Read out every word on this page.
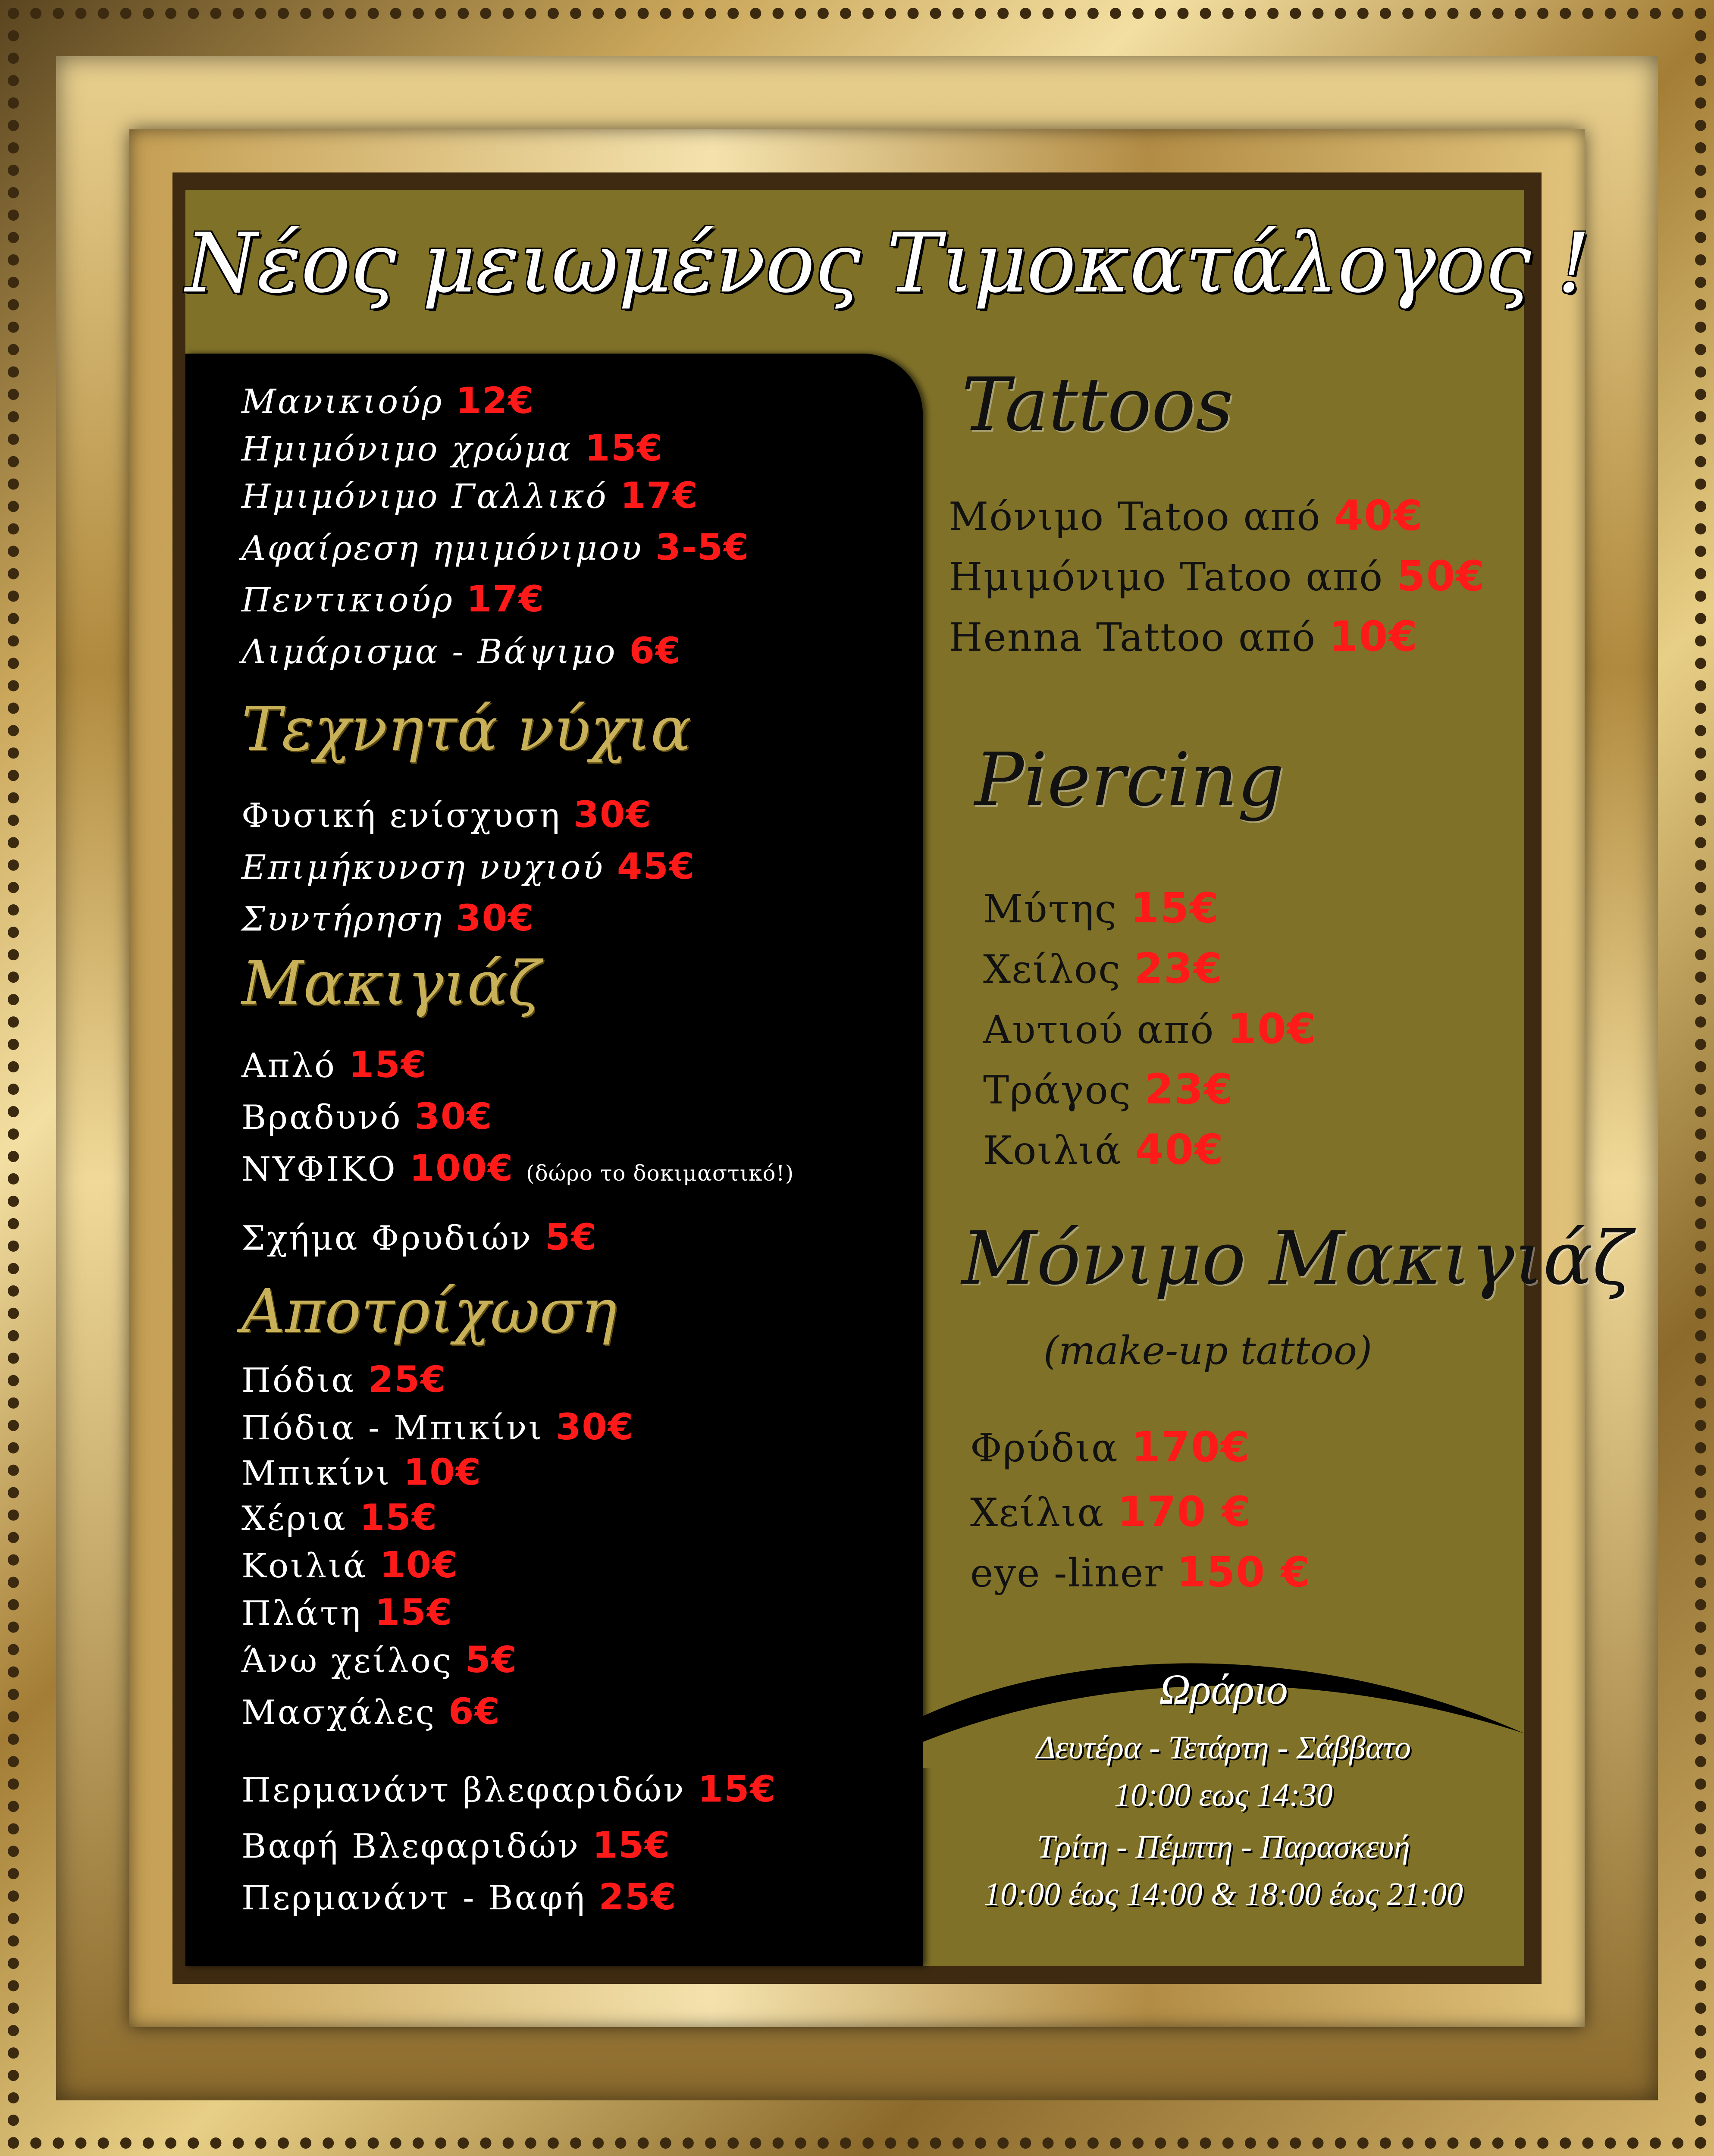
Νέος μειωμένος Τιμοκατάλογος !
Μανικιούρ 12€
Ημιμόνιμο χρώμα 15€
Ημιμόνιμο Γαλλικό 17€
Αφαίρεση ημιμόνιμου 3-5€
Πεντικιούρ 17€
Λιμάρισμα - Βάψιμο 6€
Τεχνητά νύχια
Φυσική ενίσχυση 30€
Επιμήκυνση νυχιού 45€
Συντήρηση 30€
Μακιγιάζ
Απλό 15€
Βραδυνό 30€
ΝΥΦΙΚΟ 100€ (δώρο το δοκιμαστικό!)
Σχήμα Φρυδιών 5€
Αποτρίχωση
Πόδια 25€
Πόδια - Μπικίνι 30€
Μπικίνι 10€
Χέρια 15€
Κοιλιά 10€
Πλάτη 15€
Άνω χείλος 5€
Μασχάλες 6€
Περμανάντ βλεφαριδών 15€
Βαφή Βλεφαριδών 15€
Περμανάντ - Βαφή 25€
Tattoos
Μόνιμο Tatoo από 40€
Ημιμόνιμο Tatoo από 50€
Henna Tattoo από 10€
Piercing
Μύτης 15€
Χείλος 23€
Αυτιού από 10€
Τράγος 23€
Κοιλιά 40€
Μόνιμο Μακιγιάζ
(make-up tattoo)
Φρύδια 170€
Χείλια 170 €
eye -liner 150 €
Ωράριο
Δευτέρα - Τετάρτη - Σάββατο
10:00 εως 14:30
Τρίτη - Πέμπτη - Παρασκευή
10:00 έως 14:00 & 18:00 έως 21:00
